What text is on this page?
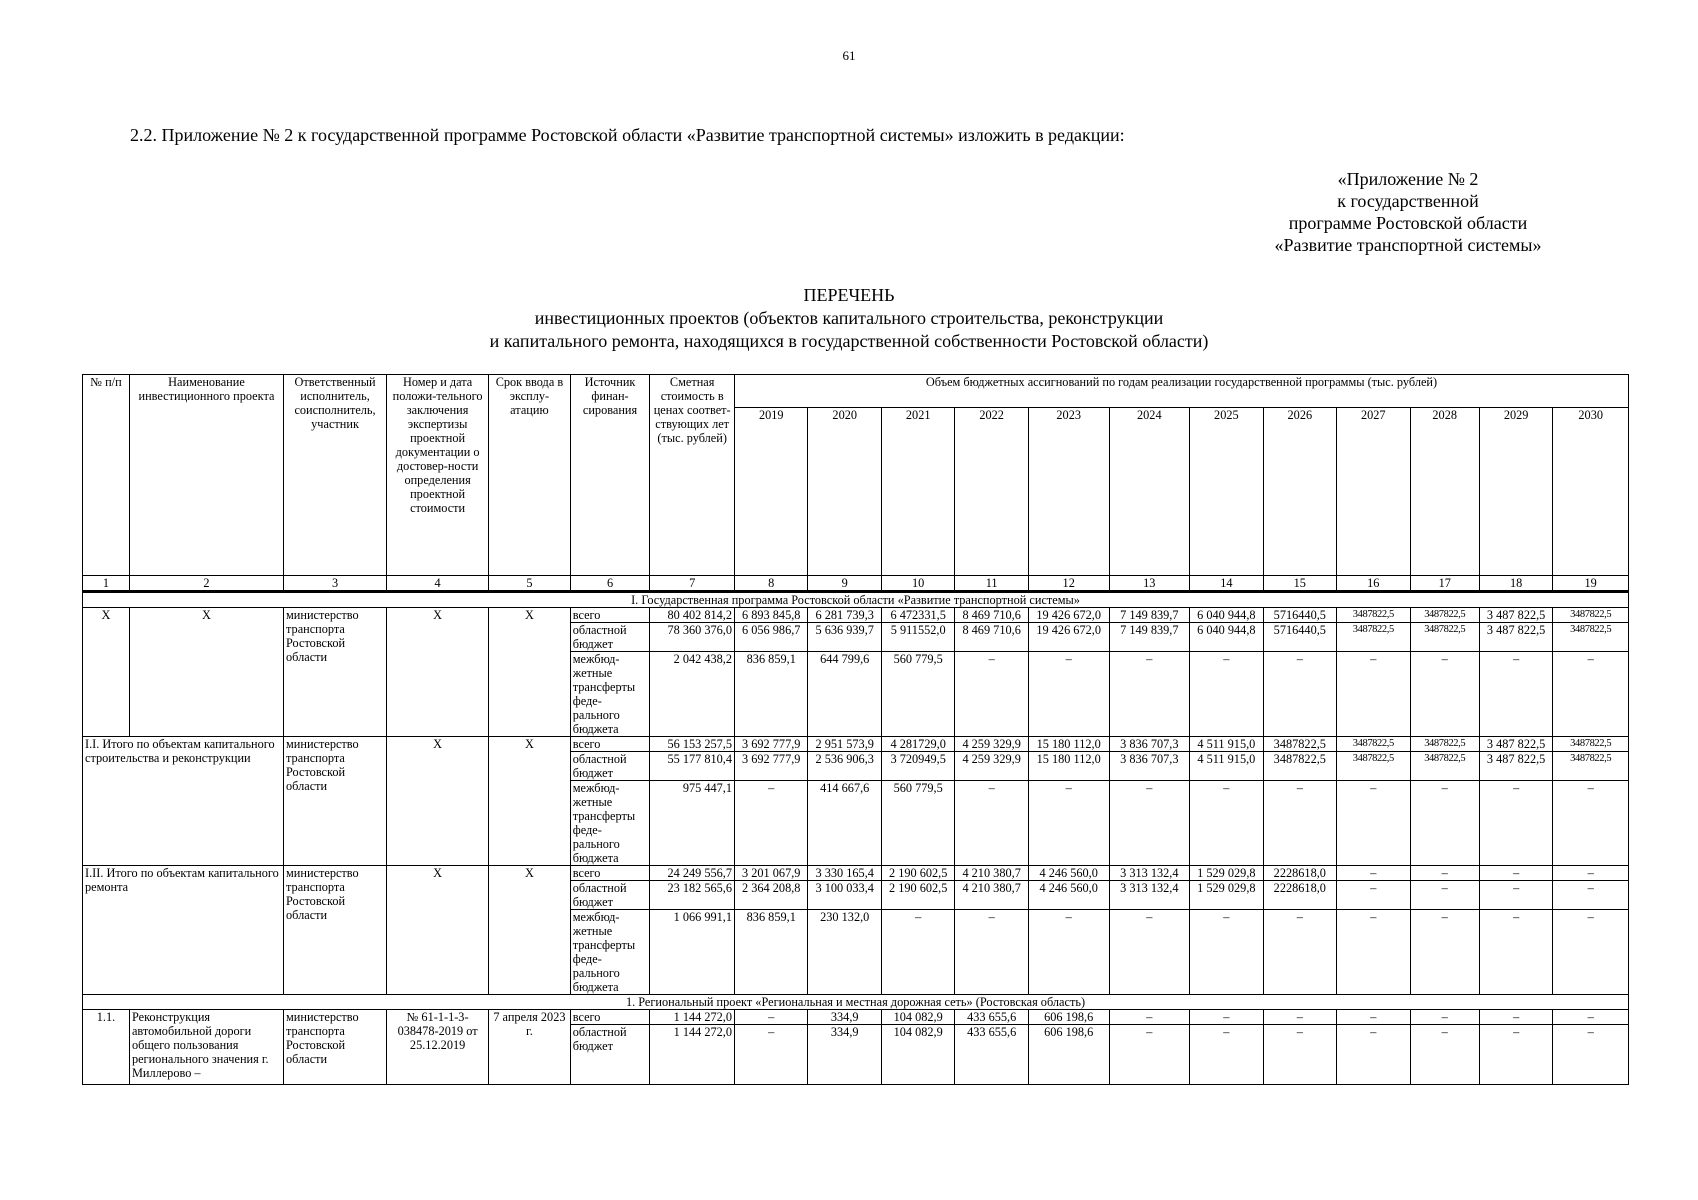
61
2.2. Приложение № 2 к государственной программе Ростовской области «Развитие транспортной системы» изложить в редакции:
«Приложение № 2
к государственной
программе Ростовской области
«Развитие транспортной системы»
ПЕРЕЧЕНЬ
инвестиционных проектов (объектов капитального строительства, реконструкции
и капитального ремонта, находящихся в государственной собственности Ростовской области)
№ п/п	Наименование инвестиционного проекта	Ответственный исполнитель, соисполнитель, участник	Номер и дата положи-тельного заключения экспертизы проектной документации о достовер-ности определения проектной стоимости	Срок ввода в эксплу-атацию	Источник финан-сирования	Сметная стоимость в ценах соответ-ствующих лет (тыс. рублей)	Объем бюджетных ассигнований по годам реализации государственной программы (тыс. рублей)											
							2019	2020	2021	2022	2023	2024	2025	2026	2027	2028	2029	2030
1	2	3	4	5	6	7	8	9	10	11	12	13	14	15	16	17	18	19
I. Государственная программа Ростовской области «Развитие транспортной системы»																		
X	X	министерство транспорта Ростовской области	X	X	всего	80 402 814,2	6 893 845,8	6 281 739,3	6 472331,5	8 469 710,6	19 426 672,0	7 149 839,7	6 040 944,8	5716440,5	3487822,5	3487822,5	3 487 822,5	3487822,5
					областной бюджет	78 360 376,0	6 056 986,7	5 636 939,7	5 911552,0	8 469 710,6	19 426 672,0	7 149 839,7	6 040 944,8	5716440,5	3487822,5	3487822,5	3 487 822,5	3487822,5
					межбюд-жетные трансферты феде-рального бюджета	2 042 438,2	836 859,1	644 799,6	560 779,5	–	–	–	–	–	–	–	–	–
I.I. Итого по объектам капитального строительства и реконструкции		министерство транспорта Ростовской области	X	X	всего	56 153 257,5	3 692 777,9	2 951 573,9	4 281729,0	4 259 329,9	15 180 112,0	3 836 707,3	4 511 915,0	3487822,5	3487822,5	3487822,5	3 487 822,5	3487822,5
					областной бюджет	55 177 810,4	3 692 777,9	2 536 906,3	3 720949,5	4 259 329,9	15 180 112,0	3 836 707,3	4 511 915,0	3487822,5	3487822,5	3487822,5	3 487 822,5	3487822,5
					межбюд-жетные трансферты феде-рального бюджета	975 447,1	–	414 667,6	560 779,5	–	–	–	–	–	–	–	–	–
I.II. Итого по объектам капитального ремонта		министерство транспорта Ростовской области	X	X	всего	24 249 556,7	3 201 067,9	3 330 165,4	2 190 602,5	4 210 380,7	4 246 560,0	3 313 132,4	1 529 029,8	2228618,0	–	–	–	–
					областной бюджет	23 182 565,6	2 364 208,8	3 100 033,4	2 190 602,5	4 210 380,7	4 246 560,0	3 313 132,4	1 529 029,8	2228618,0	–	–	–	–
					межбюд-жетные трансферты феде-рального бюджета	1 066 991,1	836 859,1	230 132,0	–	–	–	–	–	–	–	–	–	–
1. Региональный проект «Региональная и местная дорожная сеть» (Ростовская область)																		
1.1.	Реконструкция автомобильной дороги общего пользования регионального значения г. Миллерово –	министерство транспорта Ростовской области	№ 61-1-1-3-038478-2019 от 25.12.2019	7 апреля 2023 г.	всего	1 144 272,0	–	334,9	104 082,9	433 655,6	606 198,6	–	–	–	–	–	–	–
					областной бюджет	1 144 272,0	–	334,9	104 082,9	433 655,6	606 198,6	–	–	–	–	–	–	–
